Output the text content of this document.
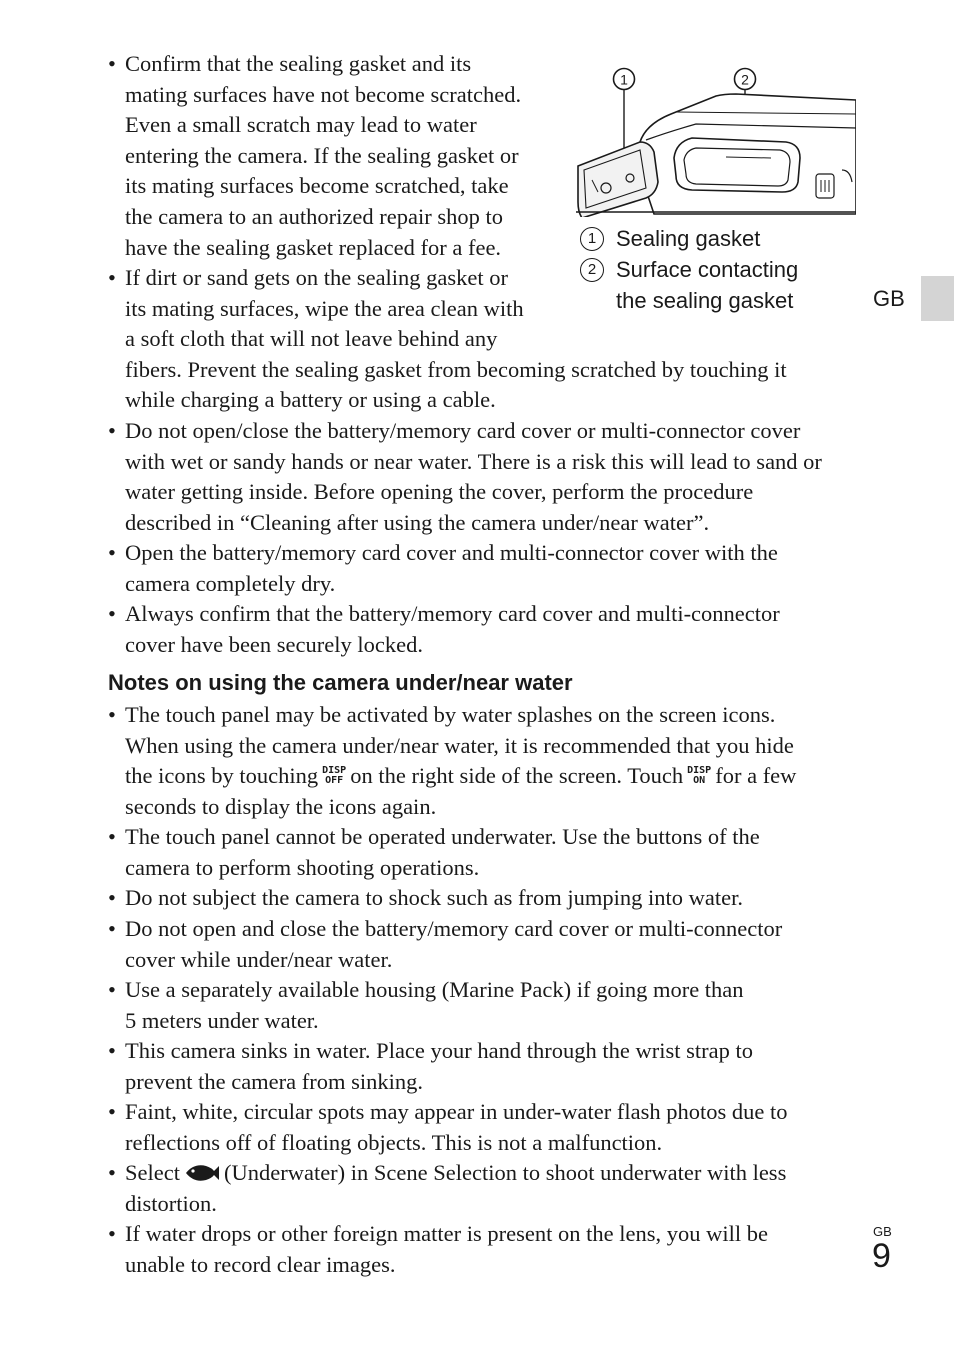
• Confirm that the sealing gasket and its
mating surfaces have not become scratched.
Even a small scratch may lead to water
entering the camera. If the sealing gasket or
its mating surfaces become scratched, take
the camera to an authorized repair shop to
have the sealing gasket replaced for a fee.
• If dirt or sand gets on the sealing gasket or
its mating surfaces, wipe the area clean with
a soft cloth that will not leave behind any
fibers. Prevent the sealing gasket from becoming scratched by touching it
while charging a battery or using a cable.
• Do not open/close the battery/memory card cover or multi-connector cover
with wet or sandy hands or near water. There is a risk this will lead to sand or
water getting inside. Before opening the cover, perform the procedure
described in “Cleaning after using the camera under/near water”.
• Open the battery/memory card cover and multi-connector cover with the
camera completely dry.
• Always confirm that the battery/memory card cover and multi-connector
cover have been securely locked.
1	2
1 Sealing gasket
2 Surface contacting
the sealing gasket	GB
Notes on using the camera under/near water
• The touch panel may be activated by water splashes on the screen icons.
When using the camera under/near water, it is recommended that you hide
the icons by touching DISP
OFF on the right side of the screen. Touch DISP
ON for a few
seconds to display the icons again.
• The touch panel cannot be operated underwater. Use the buttons of the
camera to perform shooting operations.
• Do not subject the camera to shock such as from jumping into water.
• Do not open and close the battery/memory card cover or multi-connector
cover while under/near water.
• Use a separately available housing (Marine Pack) if going more than
5 meters under water.
• This camera sinks in water. Place your hand through the wrist strap to
prevent the camera from sinking.
• Faint, white, circular spots may appear in under-water flash photos due to
reflections off of floating objects. This is not a malfunction.
• Select (Underwater) in Scene Selection to shoot underwater with less
distortion.
• If water drops or other foreign matter is present on the lens, you will be
unable to record clear images.
GB
9
